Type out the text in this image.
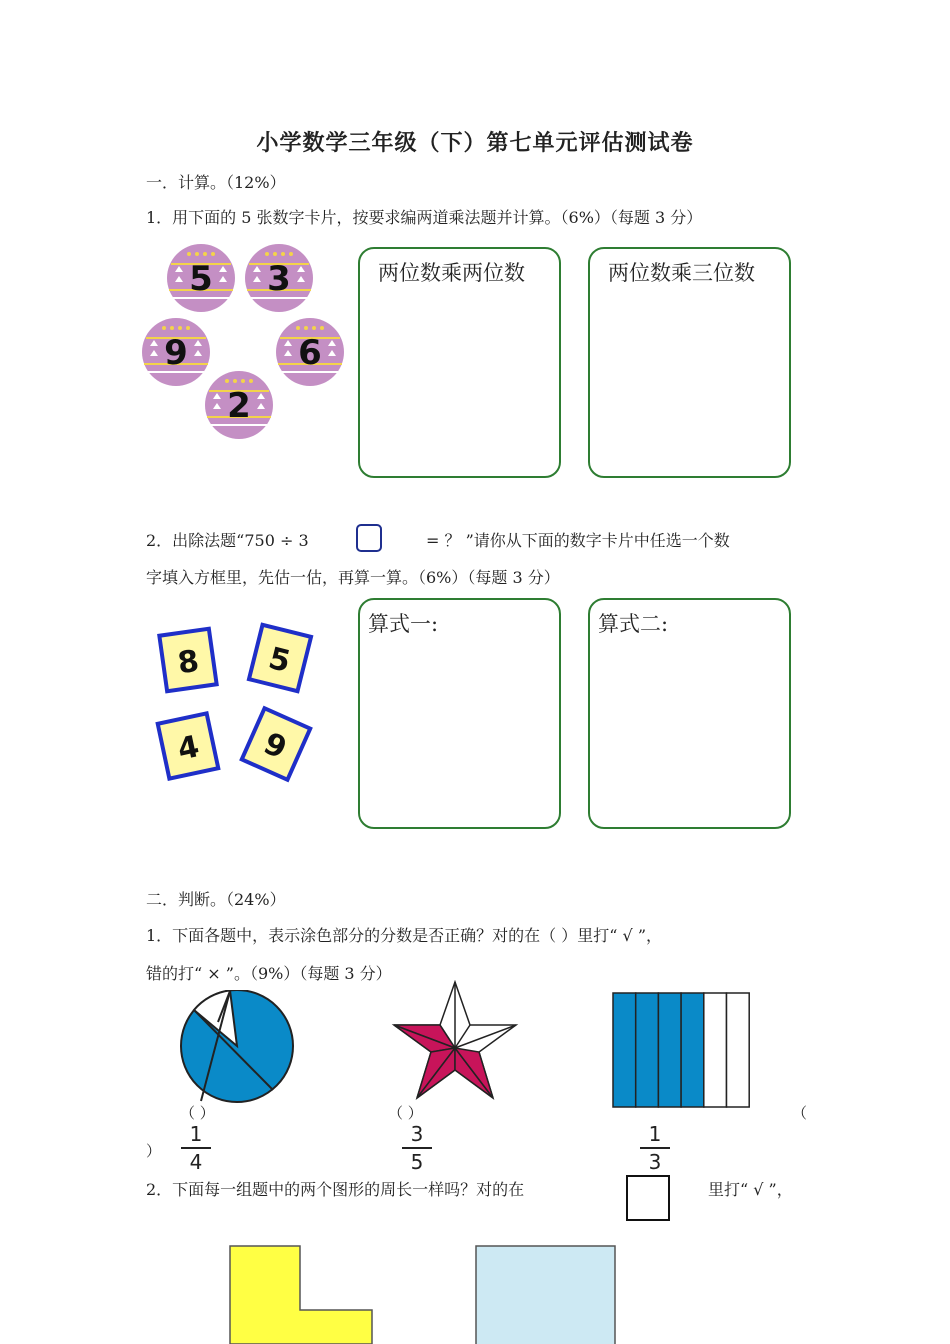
小学数学三年级（下）第七单元评估测试卷
一．计算。（12%）
1．用下面的 5 张数字卡片，按要求编两道乘法题并计算。（6%）（每题 3 分）
5 3
9	6
2
两位数乘两位数	两位数乘三位数
2．出除法题“750 ÷ 3	= ？ ”请你从下面的数字卡片中任选一个数
字填入方框里，先估一估，再算一算。（6%）（每题 3 分）
8 5
4 9
算式一:	算式二:
二．判断。（24%）
1．下面各题中，表示涂色部分的分数是否正确？对的在（ ）里打“ √ ”，
错的打“ × ”。（9%）（每题 3 分）
（ ）	（ ）	（
）
1
4
3
5
1
3
2．下面每一组题中的两个图形的周长一样吗？对的在	里打“ √ ”，
